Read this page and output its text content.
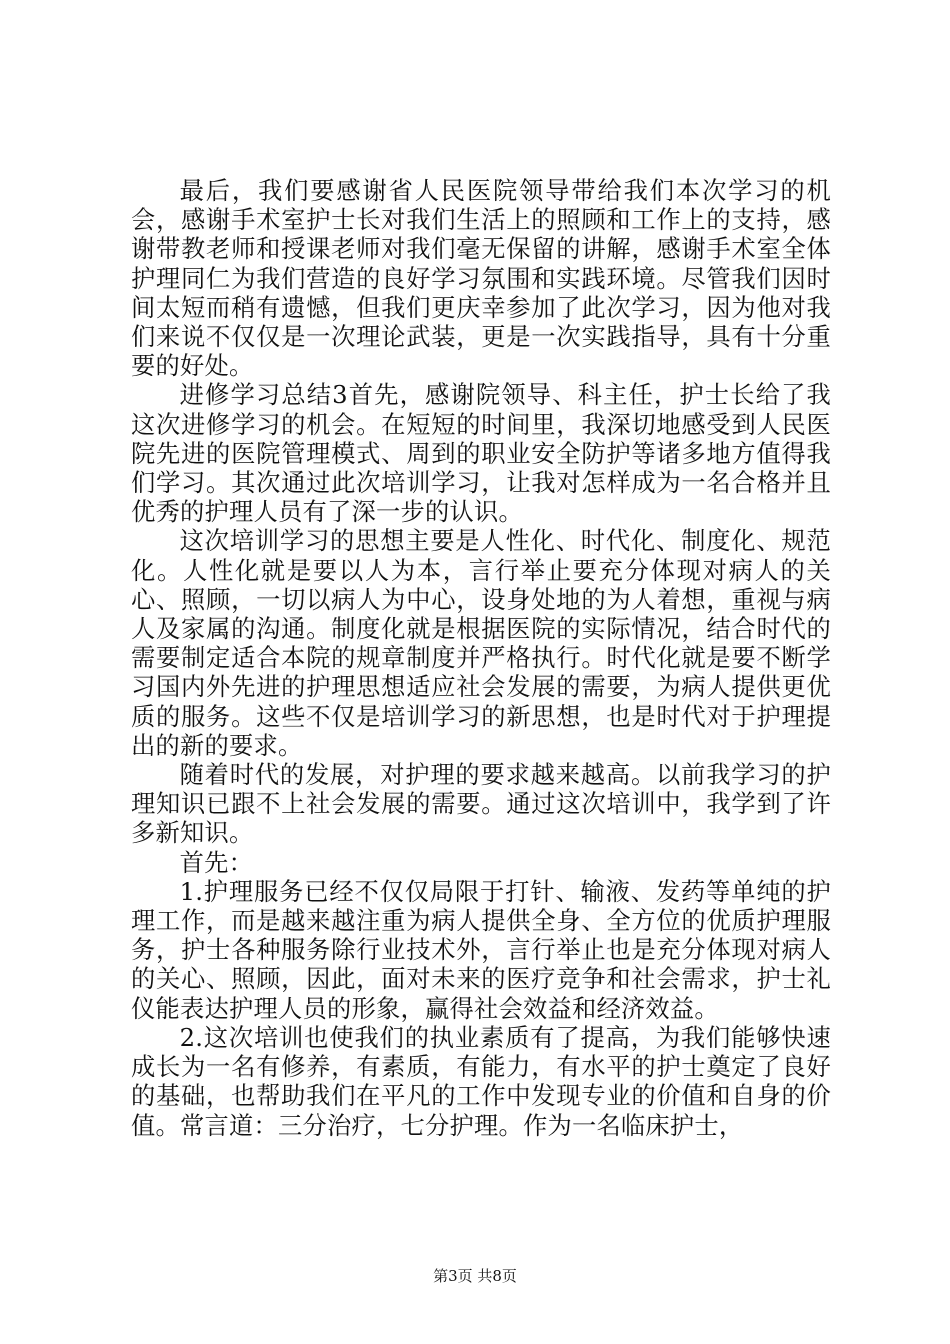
最后，我们要感谢省人民医院领导带给我们本次学习的机会，感谢手术室护士长对我们生活上的照顾和工作上的支持，感谢带教老师和授课老师对我们毫无保留的讲解，感谢手术室全体护理同仁为我们营造的良好学习氛围和实践环境。尽管我们因时间太短而稍有遗憾，但我们更庆幸参加了此次学习，因为他对我们来说不仅仅是一次理论武装，更是一次实践指导，具有十分重要的好处。

进修学习总结3首先，感谢院领导、科主任，护士长给了我这次进修学习的机会。在短短的时间里，我深切地感受到人民医院先进的医院管理模式、周到的职业安全防护等诸多地方值得我们学习。其次通过此次培训学习，让我对怎样成为一名合格并且优秀的护理人员有了深一步的认识。

这次培训学习的思想主要是人性化、时代化、制度化、规范化。人性化就是要以人为本，言行举止要充分体现对病人的关心、照顾，一切以病人为中心，设身处地的为人着想，重视与病人及家属的沟通。制度化就是根据医院的实际情况，结合时代的需要制定适合本院的规章制度并严格执行。时代化就是要不断学习国内外先进的护理思想适应社会发展的需要，为病人提供更优质的服务。这些不仅是培训学习的新思想，也是时代对于护理提出的新的要求。

随着时代的发展，对护理的要求越来越高。以前我学习的护理知识已跟不上社会发展的需要。通过这次培训中，我学到了许多新知识。

首先：

1.护理服务已经不仅仅局限于打针、输液、发药等单纯的护理工作，而是越来越注重为病人提供全身、全方位的优质护理服务，护士各种服务除行业技术外，言行举止也是充分体现对病人的关心、照顾，因此，面对未来的医疗竞争和社会需求，护士礼仪能表达护理人员的形象，赢得社会效益和经济效益。

2.这次培训也使我们的执业素质有了提高，为我们能够快速成长为一名有修养，有素质，有能力，有水平的护士奠定了良好的基础，也帮助我们在平凡的工作中发现专业的价值和自身的价值。常言道：三分治疗，七分护理。作为一名临床护士，

第3页 共8页
